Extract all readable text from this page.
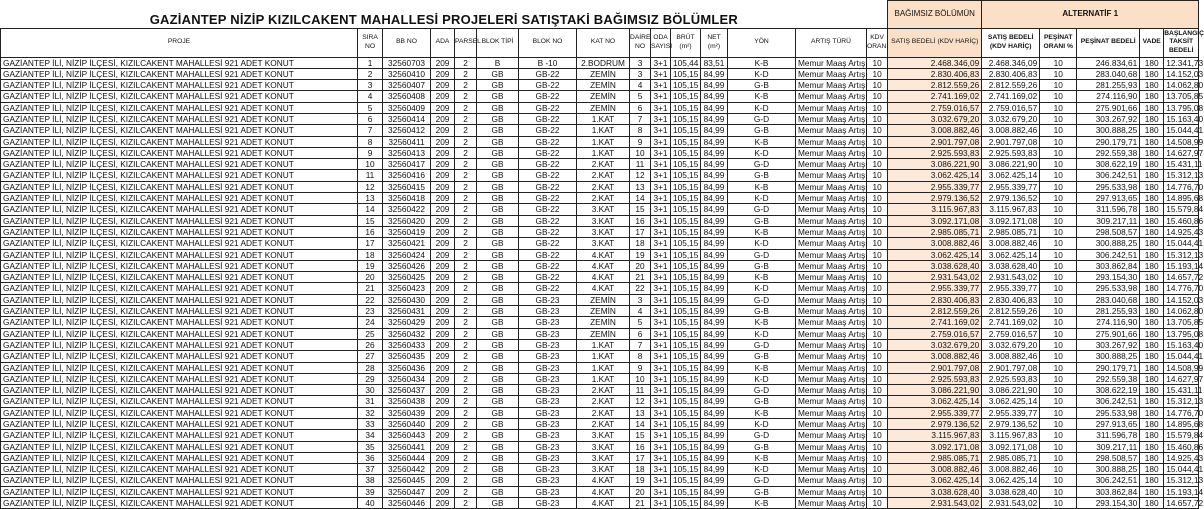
GAZİANTEP NİZİP KIZILCAKENT MAHALLESİ PROJELERİ SATIŞTAKİ BAĞIMSIZ BÖLÜMLER															BAĞIMSIZ BÖLÜMÜN	ALTERNATİF 1				
PROJE	SIRA NO	BB NO	ADA	PARSEL	BLOK TİPİ	BLOK NO	KAT NO	DAİRE NO	ODA SAYISI	BRÜT (m²)	NET (m²)	YÖN	ARTIŞ TÜRÜ	KDV ORANI	SATIŞ BEDELİ (KDV HARİÇ)	SATIŞ BEDELİ (KDV HARİÇ)	PEŞİNAT ORANI %	PEŞİNAT BEDELİ	VADE	BAŞLANGIÇ TAKSİT BEDELİ
GAZİANTEP İLİ, NİZİP İLÇESİ, KIZILCAKENT MAHALLESİ 921 ADET KONUT	1	32560703	209	2	B	B -10	2.BODRUM	3	3+1	105,44	83,51	K-B	Memur Maaş Artışı	10	2.468.346,09	2.468.346,09	10	246.834,61	180	12.341,73
GAZİANTEP İLİ, NİZİP İLÇESİ, KIZILCAKENT MAHALLESİ 921 ADET KONUT	2	32560410	209	2	GB	GB-22	ZEMİN	3	3+1	105,15	84,99	K-D	Memur Maaş Artışı	10	2.830.406,83	2.830.406,83	10	283.040,68	180	14.152,03
GAZİANTEP İLİ, NİZİP İLÇESİ, KIZILCAKENT MAHALLESİ 921 ADET KONUT	3	32560407	209	2	GB	GB-22	ZEMİN	4	3+1	105,15	84,99	G-B	Memur Maaş Artışı	10	2.812.559,26	2.812.559,26	10	281.255,93	180	14.062,80
GAZİANTEP İLİ, NİZİP İLÇESİ, KIZILCAKENT MAHALLESİ 921 ADET KONUT	4	32560408	209	2	GB	GB-22	ZEMİN	5	3+1	105,15	84,99	K-B	Memur Maaş Artışı	10	2.741.169,02	2.741.169,02	10	274.116,90	180	13.705,85
GAZİANTEP İLİ, NİZİP İLÇESİ, KIZILCAKENT MAHALLESİ 921 ADET KONUT	5	32560409	209	2	GB	GB-22	ZEMİN	6	3+1	105,15	84,99	K-D	Memur Maaş Artışı	10	2.759.016,57	2.759.016,57	10	275.901,66	180	13.795,08
GAZİANTEP İLİ, NİZİP İLÇESİ, KIZILCAKENT MAHALLESİ 921 ADET KONUT	6	32560414	209	2	GB	GB-22	1.KAT	7	3+1	105,15	84,99	G-D	Memur Maaş Artışı	10	3.032.679,20	3.032.679,20	10	303.267,92	180	15.163,40
GAZİANTEP İLİ, NİZİP İLÇESİ, KIZILCAKENT MAHALLESİ 921 ADET KONUT	7	32560412	209	2	GB	GB-22	1.KAT	8	3+1	105,15	84,99	G-B	Memur Maaş Artışı	10	3.008.882,46	3.008.882,46	10	300.888,25	180	15.044,41
GAZİANTEP İLİ, NİZİP İLÇESİ, KIZILCAKENT MAHALLESİ 921 ADET KONUT	8	32560411	209	2	GB	GB-22	1.KAT	9	3+1	105,15	84,99	K-B	Memur Maaş Artışı	10	2.901.797,08	2.901.797,08	10	290.179,71	180	14.508,99
GAZİANTEP İLİ, NİZİP İLÇESİ, KIZILCAKENT MAHALLESİ 921 ADET KONUT	9	32560413	209	2	GB	GB-22	1.KAT	10	3+1	105,15	84,99	K-D	Memur Maaş Artışı	10	2.925.593,83	2.925.593,83	10	292.559,38	180	14.627,97
GAZİANTEP İLİ, NİZİP İLÇESİ, KIZILCAKENT MAHALLESİ 921 ADET KONUT	10	32560417	209	2	GB	GB-22	2.KAT	11	3+1	105,15	84,99	G-D	Memur Maaş Artışı	10	3.086.221,90	3.086.221,90	10	308.622,19	180	15.431,11
GAZİANTEP İLİ, NİZİP İLÇESİ, KIZILCAKENT MAHALLESİ 921 ADET KONUT	11	32560416	209	2	GB	GB-22	2.KAT	12	3+1	105,15	84,99	G-B	Memur Maaş Artışı	10	3.062.425,14	3.062.425,14	10	306.242,51	180	15.312,13
GAZİANTEP İLİ, NİZİP İLÇESİ, KIZILCAKENT MAHALLESİ 921 ADET KONUT	12	32560415	209	2	GB	GB-22	2.KAT	13	3+1	105,15	84,99	K-B	Memur Maaş Artışı	10	2.955.339,77	2.955.339,77	10	295.533,98	180	14.776,70
GAZİANTEP İLİ, NİZİP İLÇESİ, KIZILCAKENT MAHALLESİ 921 ADET KONUT	13	32560418	209	2	GB	GB-22	2.KAT	14	3+1	105,15	84,99	K-D	Memur Maaş Artışı	10	2.979.136,52	2.979.136,52	10	297.913,65	180	14.895,68
GAZİANTEP İLİ, NİZİP İLÇESİ, KIZILCAKENT MAHALLESİ 921 ADET KONUT	14	32560422	209	2	GB	GB-22	3.KAT	15	3+1	105,15	84,99	G-D	Memur Maaş Artışı	10	3.115.967,83	3.115.967,83	10	311.596,78	180	15.579,84
GAZİANTEP İLİ, NİZİP İLÇESİ, KIZILCAKENT MAHALLESİ 921 ADET KONUT	15	32560420	209	2	GB	GB-22	3.KAT	16	3+1	105,15	84,99	G-B	Memur Maaş Artışı	10	3.092.171,08	3.092.171,08	10	309.217,11	180	15.460,86
GAZİANTEP İLİ, NİZİP İLÇESİ, KIZILCAKENT MAHALLESİ 921 ADET KONUT	16	32560419	209	2	GB	GB-22	3.KAT	17	3+1	105,15	84,99	K-B	Memur Maaş Artışı	10	2.985.085,71	2.985.085,71	10	298.508,57	180	14.925,43
GAZİANTEP İLİ, NİZİP İLÇESİ, KIZILCAKENT MAHALLESİ 921 ADET KONUT	17	32560421	209	2	GB	GB-22	3.KAT	18	3+1	105,15	84,99	K-D	Memur Maaş Artışı	10	3.008.882,46	3.008.882,46	10	300.888,25	180	15.044,41
GAZİANTEP İLİ, NİZİP İLÇESİ, KIZILCAKENT MAHALLESİ 921 ADET KONUT	18	32560424	209	2	GB	GB-22	4.KAT	19	3+1	105,15	84,99	G-D	Memur Maaş Artışı	10	3.062.425,14	3.062.425,14	10	306.242,51	180	15.312,13
GAZİANTEP İLİ, NİZİP İLÇESİ, KIZILCAKENT MAHALLESİ 921 ADET KONUT	19	32560426	209	2	GB	GB-22	4.KAT	20	3+1	105,15	84,99	G-B	Memur Maaş Artışı	10	3.038.628,40	3.038.628,40	10	303.862,84	180	15.193,14
GAZİANTEP İLİ, NİZİP İLÇESİ, KIZILCAKENT MAHALLESİ 921 ADET KONUT	20	32560425	209	2	GB	GB-22	4.KAT	21	3+1	105,15	84,99	K-B	Memur Maaş Artışı	10	2.931.543,02	2.931.543,02	10	293.154,30	180	14.657,72
GAZİANTEP İLİ, NİZİP İLÇESİ, KIZILCAKENT MAHALLESİ 921 ADET KONUT	21	32560423	209	2	GB	GB-22	4.KAT	22	3+1	105,15	84,99	K-D	Memur Maaş Artışı	10	2.955.339,77	2.955.339,77	10	295.533,98	180	14.776,70
GAZİANTEP İLİ, NİZİP İLÇESİ, KIZILCAKENT MAHALLESİ 921 ADET KONUT	22	32560430	209	2	GB	GB-23	ZEMİN	3	3+1	105,15	84,99	G-D	Memur Maaş Artışı	10	2.830.406,83	2.830.406,83	10	283.040,68	180	14.152,03
GAZİANTEP İLİ, NİZİP İLÇESİ, KIZILCAKENT MAHALLESİ 921 ADET KONUT	23	32560431	209	2	GB	GB-23	ZEMİN	4	3+1	105,15	84,99	G-B	Memur Maaş Artışı	10	2.812.559,26	2.812.559,26	10	281.255,93	180	14.062,80
GAZİANTEP İLİ, NİZİP İLÇESİ, KIZILCAKENT MAHALLESİ 921 ADET KONUT	24	32560429	209	2	GB	GB-23	ZEMİN	5	3+1	105,15	84,99	K-B	Memur Maaş Artışı	10	2.741.169,02	2.741.169,02	10	274.116,90	180	13.705,85
GAZİANTEP İLİ, NİZİP İLÇESİ, KIZILCAKENT MAHALLESİ 921 ADET KONUT	25	32560432	209	2	GB	GB-23	ZEMİN	6	3+1	105,15	84,99	K-D	Memur Maaş Artışı	10	2.759.016,57	2.759.016,57	10	275.901,66	180	13.795,08
GAZİANTEP İLİ, NİZİP İLÇESİ, KIZILCAKENT MAHALLESİ 921 ADET KONUT	26	32560433	209	2	GB	GB-23	1.KAT	7	3+1	105,15	84,99	G-D	Memur Maaş Artışı	10	3.032.679,20	3.032.679,20	10	303.267,92	180	15.163,40
GAZİANTEP İLİ, NİZİP İLÇESİ, KIZILCAKENT MAHALLESİ 921 ADET KONUT	27	32560435	209	2	GB	GB-23	1.KAT	8	3+1	105,15	84,99	G-B	Memur Maaş Artışı	10	3.008.882,46	3.008.882,46	10	300.888,25	180	15.044,41
GAZİANTEP İLİ, NİZİP İLÇESİ, KIZILCAKENT MAHALLESİ 921 ADET KONUT	28	32560436	209	2	GB	GB-23	1.KAT	9	3+1	105,15	84,99	K-B	Memur Maaş Artışı	10	2.901.797,08	2.901.797,08	10	290.179,71	180	14.508,99
GAZİANTEP İLİ, NİZİP İLÇESİ, KIZILCAKENT MAHALLESİ 921 ADET KONUT	29	32560434	209	2	GB	GB-23	1.KAT	10	3+1	105,15	84,99	K-D	Memur Maaş Artışı	10	2.925.593,83	2.925.593,83	10	292.559,38	180	14.627,97
GAZİANTEP İLİ, NİZİP İLÇESİ, KIZILCAKENT MAHALLESİ 921 ADET KONUT	30	32560437	209	2	GB	GB-23	2.KAT	11	3+1	105,15	84,99	G-D	Memur Maaş Artışı	10	3.086.221,90	3.086.221,90	10	308.622,19	180	15.431,11
GAZİANTEP İLİ, NİZİP İLÇESİ, KIZILCAKENT MAHALLESİ 921 ADET KONUT	31	32560438	209	2	GB	GB-23	2.KAT	12	3+1	105,15	84,99	G-B	Memur Maaş Artışı	10	3.062.425,14	3.062.425,14	10	306.242,51	180	15.312,13
GAZİANTEP İLİ, NİZİP İLÇESİ, KIZILCAKENT MAHALLESİ 921 ADET KONUT	32	32560439	209	2	GB	GB-23	2.KAT	13	3+1	105,15	84,99	K-B	Memur Maaş Artışı	10	2.955.339,77	2.955.339,77	10	295.533,98	180	14.776,70
GAZİANTEP İLİ, NİZİP İLÇESİ, KIZILCAKENT MAHALLESİ 921 ADET KONUT	33	32560440	209	2	GB	GB-23	2.KAT	14	3+1	105,15	84,99	K-D	Memur Maaş Artışı	10	2.979.136,52	2.979.136,52	10	297.913,65	180	14.895,68
GAZİANTEP İLİ, NİZİP İLÇESİ, KIZILCAKENT MAHALLESİ 921 ADET KONUT	34	32560443	209	2	GB	GB-23	3.KAT	15	3+1	105,15	84,99	G-D	Memur Maaş Artışı	10	3.115.967,83	3.115.967,83	10	311.596,78	180	15.579,84
GAZİANTEP İLİ, NİZİP İLÇESİ, KIZILCAKENT MAHALLESİ 921 ADET KONUT	35	32560441	209	2	GB	GB-23	3.KAT	16	3+1	105,15	84,99	G-B	Memur Maaş Artışı	10	3.092.171,08	3.092.171,08	10	309.217,11	180	15.460,86
GAZİANTEP İLİ, NİZİP İLÇESİ, KIZILCAKENT MAHALLESİ 921 ADET KONUT	36	32560444	209	2	GB	GB-23	3.KAT	17	3+1	105,15	84,99	K-B	Memur Maaş Artışı	10	2.985.085,71	2.985.085,71	10	298.508,57	180	14.925,43
GAZİANTEP İLİ, NİZİP İLÇESİ, KIZILCAKENT MAHALLESİ 921 ADET KONUT	37	32560442	209	2	GB	GB-23	3.KAT	18	3+1	105,15	84,99	K-D	Memur Maaş Artışı	10	3.008.882,46	3.008.882,46	10	300.888,25	180	15.044,41
GAZİANTEP İLİ, NİZİP İLÇESİ, KIZILCAKENT MAHALLESİ 921 ADET KONUT	38	32560445	209	2	GB	GB-23	4.KAT	19	3+1	105,15	84,99	G-D	Memur Maaş Artışı	10	3.062.425,14	3.062.425,14	10	306.242,51	180	15.312,13
GAZİANTEP İLİ, NİZİP İLÇESİ, KIZILCAKENT MAHALLESİ 921 ADET KONUT	39	32560447	209	2	GB	GB-23	4.KAT	20	3+1	105,15	84,99	G-B	Memur Maaş Artışı	10	3.038.628,40	3.038.628,40	10	303.862,84	180	15.193,14
GAZİANTEP İLİ, NİZİP İLÇESİ, KIZILCAKENT MAHALLESİ 921 ADET KONUT	40	32560446	209	2	GB	GB-23	4.KAT	21	3+1	105,15	84,99	K-B	Memur Maaş Artışı	10	2.931.543,02	2.931.543,02	10	293.154,30	180	14.657,72
